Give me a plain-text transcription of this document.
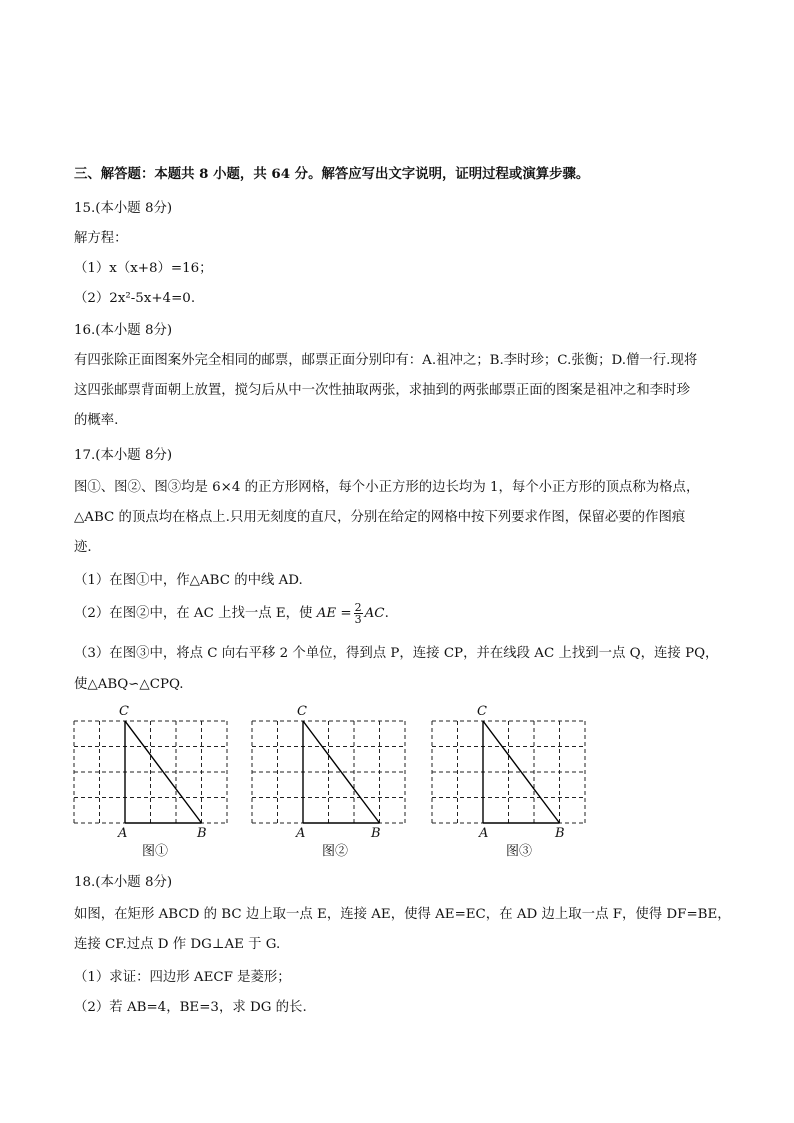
三、解答题：本题共 8 小题，共 64 分。解答应写出文字说明，证明过程或演算步骤。
15.(本小题 8分)
解方程：
（1）x（x+8）=16；
（2）2x²-5x+4=0.
16.(本小题 8分)
有四张除正面图案外完全相同的邮票，邮票正面分别印有：A.祖冲之；B.李时珍；C.张衡；D.僧一行.现将
这四张邮票背面朝上放置，搅匀后从中一次性抽取两张，求抽到的两张邮票正面的图案是祖冲之和李时珍
的概率.
17.(本小题 8分)
图①、图②、图③均是 6×4 的正方形网格，每个小正方形的边长均为 1，每个小正方形的顶点称为格点，
△ABC 的顶点均在格点上.只用无刻度的直尺，分别在给定的网格中按下列要求作图，保留必要的作图痕
迹.
（1）在图①中，作△ABC 的中线 AD.
（2）在图②中，在 AC 上找一点 E，使 AE = $\frac{2}{3}$ AC.
（3）在图③中，将点 C 向右平移 2 个单位，得到点 P，连接 CP，并在线段 AC 上找到一点 Q，连接 PQ，
使△ABQ∽△CPQ.
C
A	B
图①
C
A	B
图②
C
A	B
图③
18.(本小题 8分)
如图，在矩形 ABCD 的 BC 边上取一点 E，连接 AE，使得 AE=EC，在 AD 边上取一点 F，使得 DF=BE，
连接 CF.过点 D 作 DG⊥AE 于 G.
（1）求证：四边形 AECF 是菱形；
（2）若 AB=4，BE=3，求 DG 的长.
